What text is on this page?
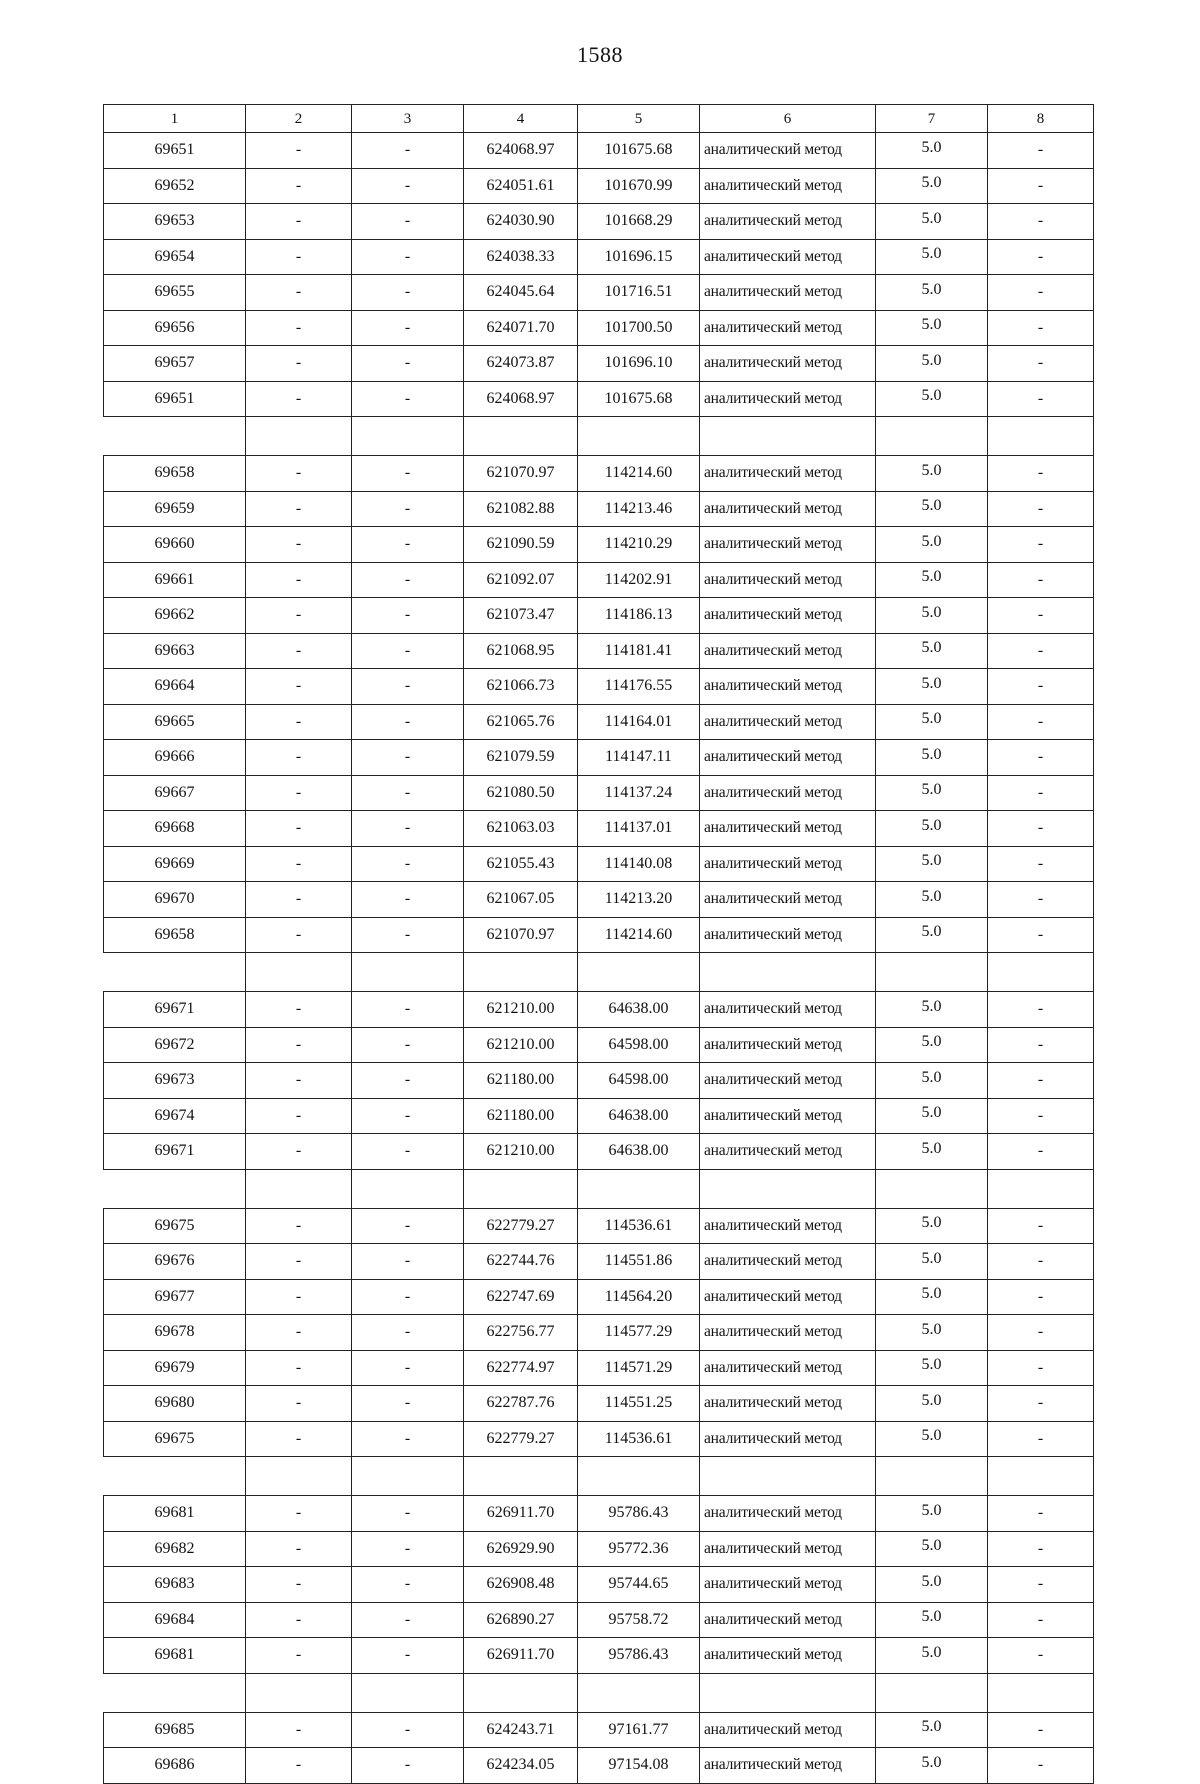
1588
1	2	3	4	5	6	7	8
69651	-	-	624068.97	101675.68	аналитический метод	5.0	-
69652	-	-	624051.61	101670.99	аналитический метод	5.0	-
69653	-	-	624030.90	101668.29	аналитический метод	5.0	-
69654	-	-	624038.33	101696.15	аналитический метод	5.0	-
69655	-	-	624045.64	101716.51	аналитический метод	5.0	-
69656	-	-	624071.70	101700.50	аналитический метод	5.0	-
69657	-	-	624073.87	101696.10	аналитический метод	5.0	-
69651	-	-	624068.97	101675.68	аналитический метод	5.0	-

69658	-	-	621070.97	114214.60	аналитический метод	5.0	-
69659	-	-	621082.88	114213.46	аналитический метод	5.0	-
69660	-	-	621090.59	114210.29	аналитический метод	5.0	-
69661	-	-	621092.07	114202.91	аналитический метод	5.0	-
69662	-	-	621073.47	114186.13	аналитический метод	5.0	-
69663	-	-	621068.95	114181.41	аналитический метод	5.0	-
69664	-	-	621066.73	114176.55	аналитический метод	5.0	-
69665	-	-	621065.76	114164.01	аналитический метод	5.0	-
69666	-	-	621079.59	114147.11	аналитический метод	5.0	-
69667	-	-	621080.50	114137.24	аналитический метод	5.0	-
69668	-	-	621063.03	114137.01	аналитический метод	5.0	-
69669	-	-	621055.43	114140.08	аналитический метод	5.0	-
69670	-	-	621067.05	114213.20	аналитический метод	5.0	-
69658	-	-	621070.97	114214.60	аналитический метод	5.0	-

69671	-	-	621210.00	64638.00	аналитический метод	5.0	-
69672	-	-	621210.00	64598.00	аналитический метод	5.0	-
69673	-	-	621180.00	64598.00	аналитический метод	5.0	-
69674	-	-	621180.00	64638.00	аналитический метод	5.0	-
69671	-	-	621210.00	64638.00	аналитический метод	5.0	-

69675	-	-	622779.27	114536.61	аналитический метод	5.0	-
69676	-	-	622744.76	114551.86	аналитический метод	5.0	-
69677	-	-	622747.69	114564.20	аналитический метод	5.0	-
69678	-	-	622756.77	114577.29	аналитический метод	5.0	-
69679	-	-	622774.97	114571.29	аналитический метод	5.0	-
69680	-	-	622787.76	114551.25	аналитический метод	5.0	-
69675	-	-	622779.27	114536.61	аналитический метод	5.0	-

69681	-	-	626911.70	95786.43	аналитический метод	5.0	-
69682	-	-	626929.90	95772.36	аналитический метод	5.0	-
69683	-	-	626908.48	95744.65	аналитический метод	5.0	-
69684	-	-	626890.27	95758.72	аналитический метод	5.0	-
69681	-	-	626911.70	95786.43	аналитический метод	5.0	-

69685	-	-	624243.71	97161.77	аналитический метод	5.0	-
69686	-	-	624234.05	97154.08	аналитический метод	5.0	-
